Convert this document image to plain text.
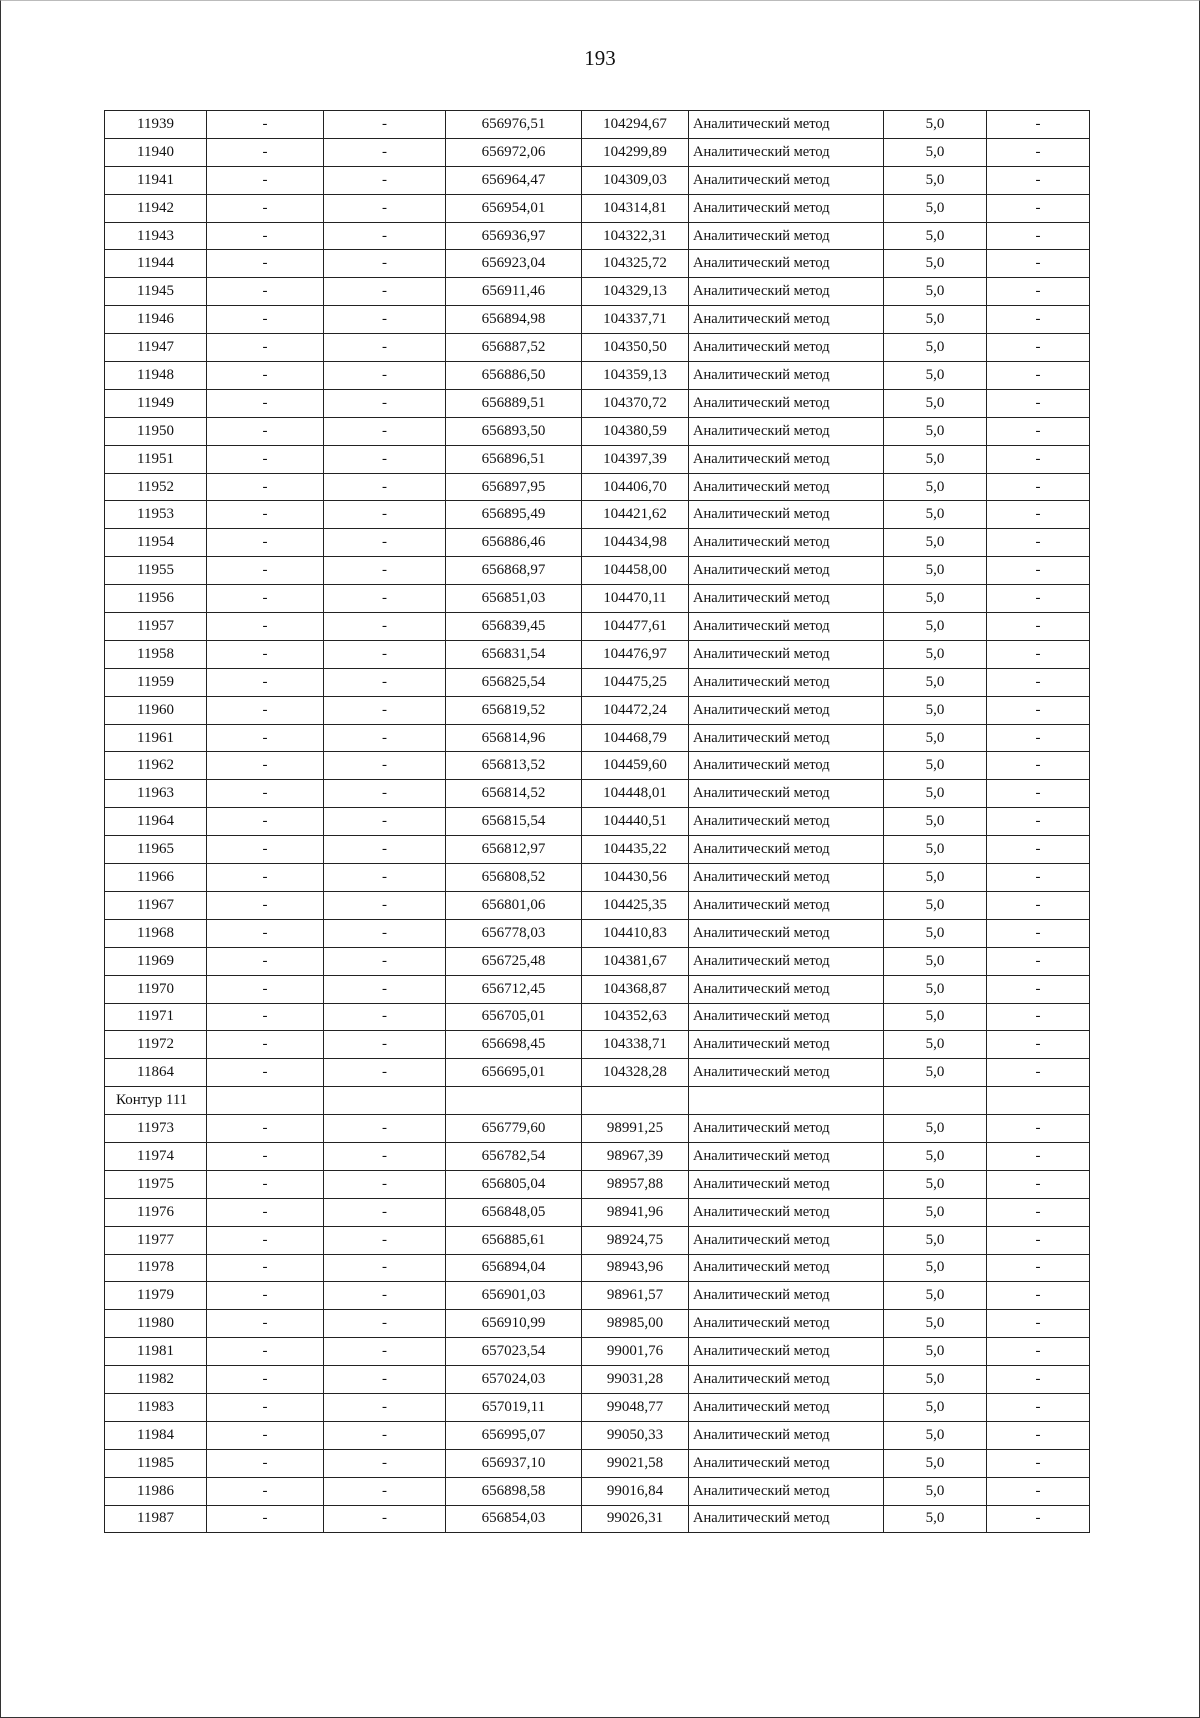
193
11939	-	-	656976,51	104294,67	Аналитический метод	5,0	-
11940	-	-	656972,06	104299,89	Аналитический метод	5,0	-
11941	-	-	656964,47	104309,03	Аналитический метод	5,0	-
11942	-	-	656954,01	104314,81	Аналитический метод	5,0	-
11943	-	-	656936,97	104322,31	Аналитический метод	5,0	-
11944	-	-	656923,04	104325,72	Аналитический метод	5,0	-
11945	-	-	656911,46	104329,13	Аналитический метод	5,0	-
11946	-	-	656894,98	104337,71	Аналитический метод	5,0	-
11947	-	-	656887,52	104350,50	Аналитический метод	5,0	-
11948	-	-	656886,50	104359,13	Аналитический метод	5,0	-
11949	-	-	656889,51	104370,72	Аналитический метод	5,0	-
11950	-	-	656893,50	104380,59	Аналитический метод	5,0	-
11951	-	-	656896,51	104397,39	Аналитический метод	5,0	-
11952	-	-	656897,95	104406,70	Аналитический метод	5,0	-
11953	-	-	656895,49	104421,62	Аналитический метод	5,0	-
11954	-	-	656886,46	104434,98	Аналитический метод	5,0	-
11955	-	-	656868,97	104458,00	Аналитический метод	5,0	-
11956	-	-	656851,03	104470,11	Аналитический метод	5,0	-
11957	-	-	656839,45	104477,61	Аналитический метод	5,0	-
11958	-	-	656831,54	104476,97	Аналитический метод	5,0	-
11959	-	-	656825,54	104475,25	Аналитический метод	5,0	-
11960	-	-	656819,52	104472,24	Аналитический метод	5,0	-
11961	-	-	656814,96	104468,79	Аналитический метод	5,0	-
11962	-	-	656813,52	104459,60	Аналитический метод	5,0	-
11963	-	-	656814,52	104448,01	Аналитический метод	5,0	-
11964	-	-	656815,54	104440,51	Аналитический метод	5,0	-
11965	-	-	656812,97	104435,22	Аналитический метод	5,0	-
11966	-	-	656808,52	104430,56	Аналитический метод	5,0	-
11967	-	-	656801,06	104425,35	Аналитический метод	5,0	-
11968	-	-	656778,03	104410,83	Аналитический метод	5,0	-
11969	-	-	656725,48	104381,67	Аналитический метод	5,0	-
11970	-	-	656712,45	104368,87	Аналитический метод	5,0	-
11971	-	-	656705,01	104352,63	Аналитический метод	5,0	-
11972	-	-	656698,45	104338,71	Аналитический метод	5,0	-
11864	-	-	656695,01	104328,28	Аналитический метод	5,0	-
Контур 111							
11973	-	-	656779,60	98991,25	Аналитический метод	5,0	-
11974	-	-	656782,54	98967,39	Аналитический метод	5,0	-
11975	-	-	656805,04	98957,88	Аналитический метод	5,0	-
11976	-	-	656848,05	98941,96	Аналитический метод	5,0	-
11977	-	-	656885,61	98924,75	Аналитический метод	5,0	-
11978	-	-	656894,04	98943,96	Аналитический метод	5,0	-
11979	-	-	656901,03	98961,57	Аналитический метод	5,0	-
11980	-	-	656910,99	98985,00	Аналитический метод	5,0	-
11981	-	-	657023,54	99001,76	Аналитический метод	5,0	-
11982	-	-	657024,03	99031,28	Аналитический метод	5,0	-
11983	-	-	657019,11	99048,77	Аналитический метод	5,0	-
11984	-	-	656995,07	99050,33	Аналитический метод	5,0	-
11985	-	-	656937,10	99021,58	Аналитический метод	5,0	-
11986	-	-	656898,58	99016,84	Аналитический метод	5,0	-
11987	-	-	656854,03	99026,31	Аналитический метод	5,0	-
